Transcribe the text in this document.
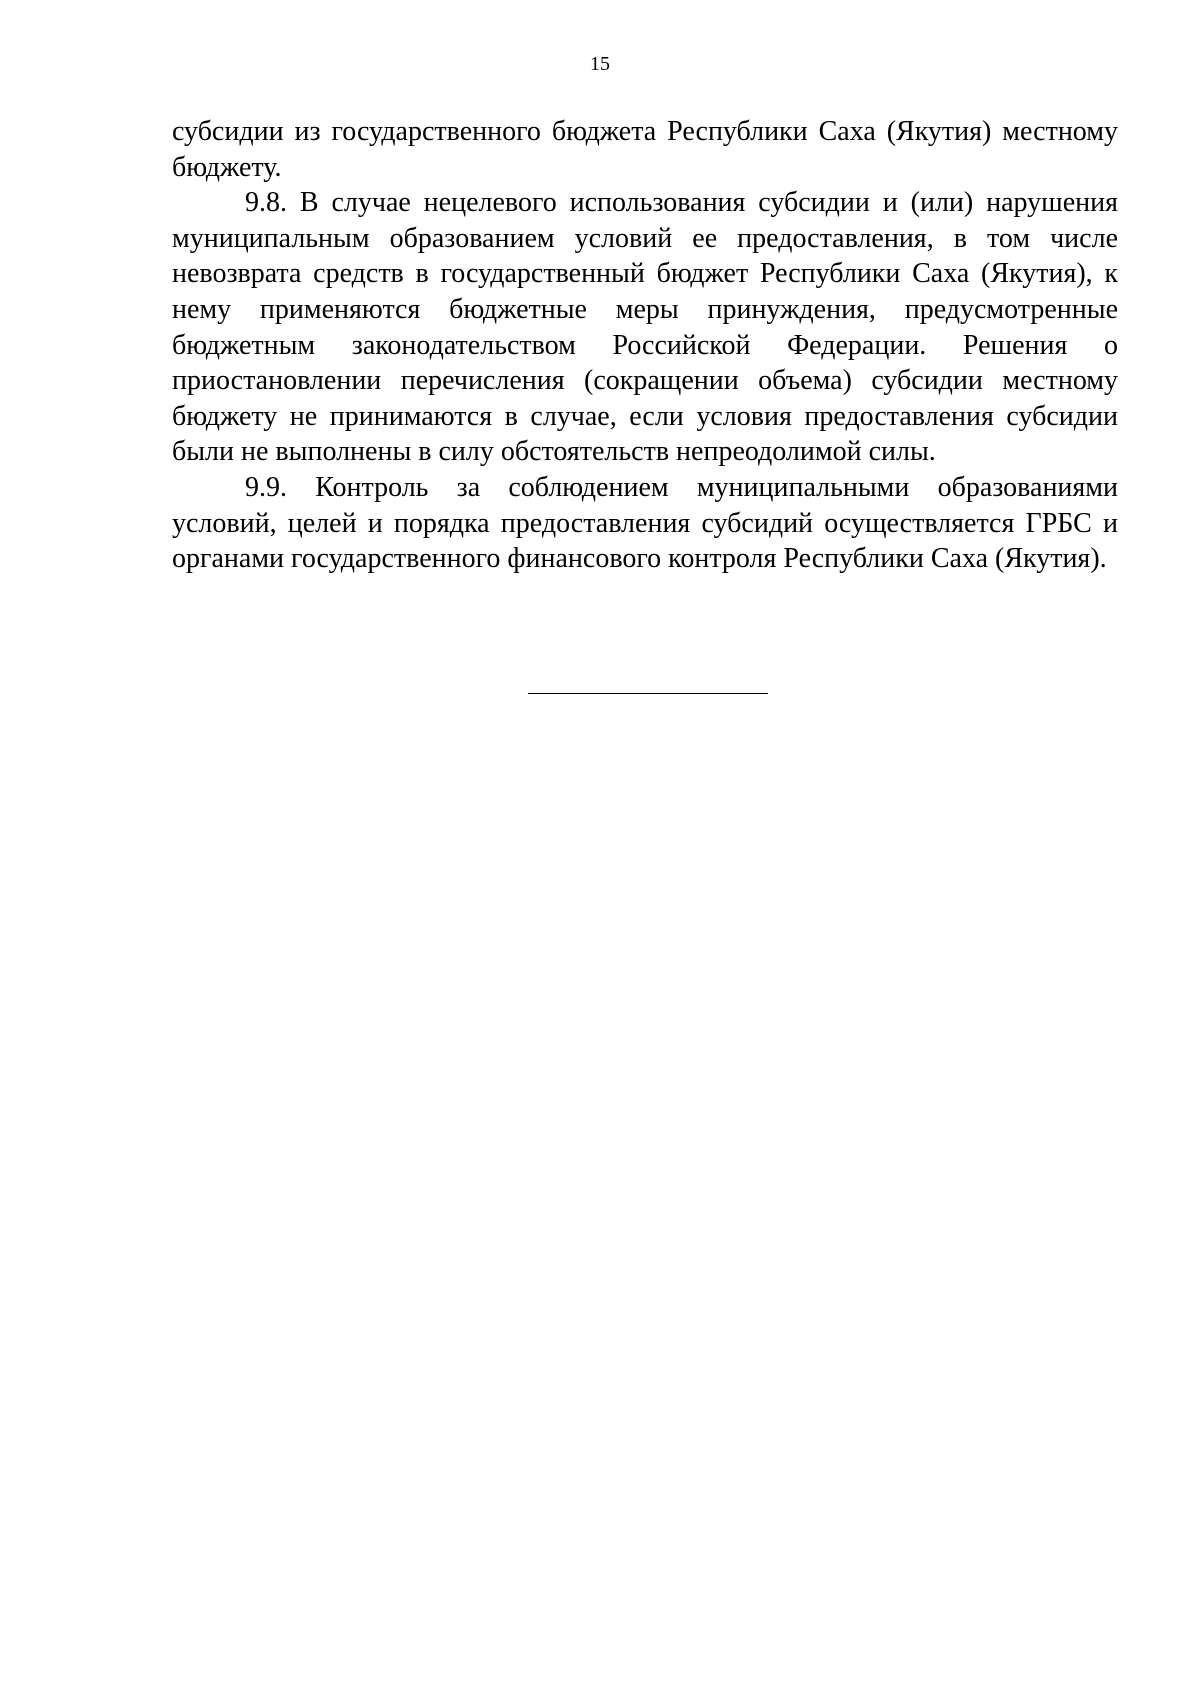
15

субсидии из государственного бюджета Республики Саха (Якутия) местному бюджету.

9.8. В случае нецелевого использования субсидии и (или) нарушения муниципальным образованием условий ее предоставления, в том числе невозврата средств в государственный бюджет Республики Саха (Якутия), к нему применяются бюджетные меры принуждения, предусмотренные бюджетным законодательством Российской Федерации. Решения о приостановлении перечисления (сокращении объема) субсидии местному бюджету не принимаются в случае, если условия предоставления субсидии были не выполнены в силу обстоятельств непреодолимой силы.

9.9. Контроль за соблюдением муниципальными образованиями условий, целей и порядка предоставления субсидий осуществляется ГРБС и органами государственного финансового контроля Республики Саха (Якутия).
